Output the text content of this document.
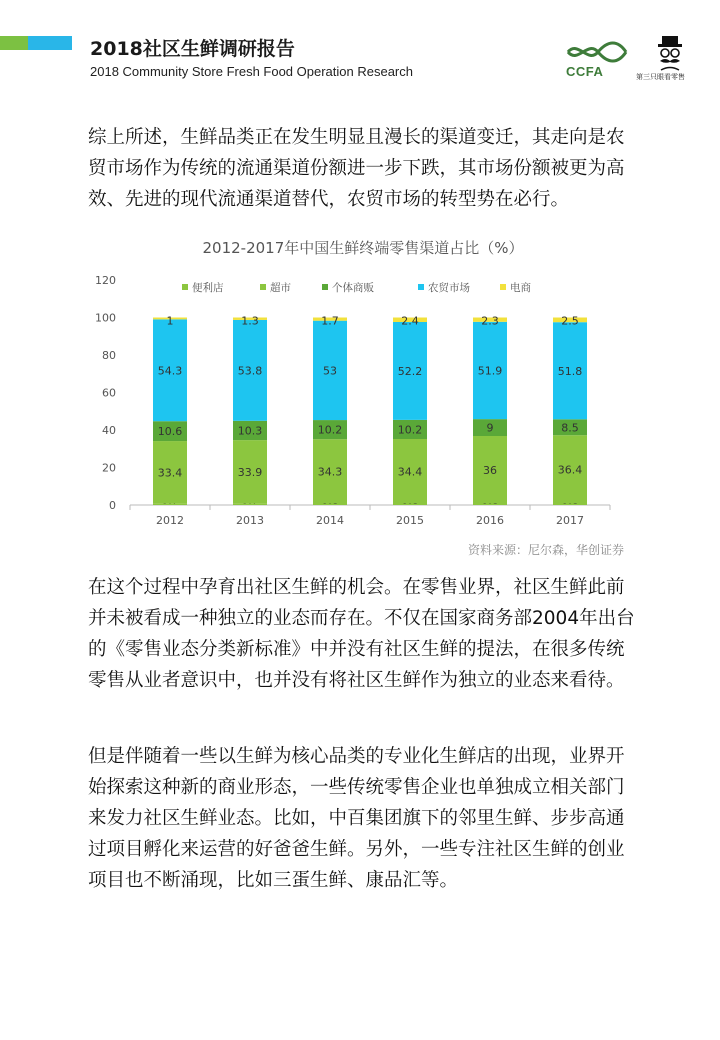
2018社区生鲜调研报告
2018 Community Store Fresh Food Operation Research	CCFA	第三只眼看零售
综上所述，生鲜品类正在发生明显且漫长的渠道变迁，其走向是农贸市场作为传统的流通渠道份额进一步下跌，其市场份额被更为高效、先进的现代流通渠道替代，农贸市场的转型势在必行。
2012-2017年中国生鲜终端零售渠道占比（%）
0
20
40
60
80
100
120
便利店	超市	个体商贩	农贸市场	电商
33.4
10.6
54.3
1
2012
33.9
10.3
53.8
1.3
2013
34.3
10.2
53
1.7
2014
34.4
10.2
52.2
2.4
2015
36
9
51.9
2.3
2016
36.4
8.5
51.8
2.5
2017
资料来源：尼尔森，华创证券
在这个过程中孕育出社区生鲜的机会。在零售业界，社区生鲜此前并未被看成一种独立的业态而存在。不仅在国家商务部2004年出台的《零售业态分类新标准》中并没有社区生鲜的提法，在很多传统零售从业者意识中，也并没有将社区生鲜作为独立的业态来看待。
但是伴随着一些以生鲜为核心品类的专业化生鲜店的出现，业界开始探索这种新的商业形态，一些传统零售企业也单独成立相关部门来发力社区生鲜业态。比如，中百集团旗下的邻里生鲜、步步高通过项目孵化来运营的好爸爸生鲜。另外，一些专注社区生鲜的创业项目也不断涌现，比如三蛋生鲜、康品汇等。
